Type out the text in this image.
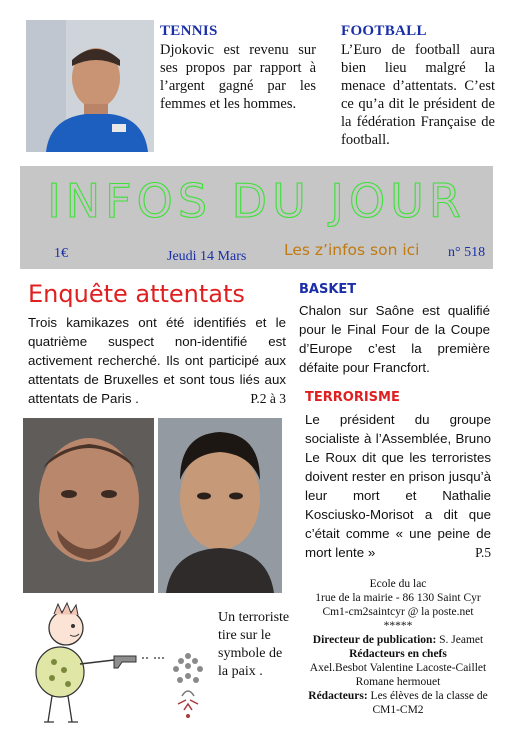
TENNIS
Djokovic est revenu sur ses propos par rapport à l’argent gagné par les femmes et les hommes.
FOOTBALL
L’Euro de football aura bien lieu malgré la menace d’attentats. C’est ce qu’a dit le président de la fédération Française de football.
INFOS DU JOUR
1€	Jeudi 14 Mars Les z’infos son ici n° 518
Enquête attentats
Trois kamikazes ont été identifiés et le quatrième suspect non-identifié est activement recherché. Ils ont participé aux attentats de Bruxelles et sont tous liés aux attentats de Paris .	P.2 à 3
BASKET
Chalon sur Saône est qualifié pour le Final Four de la Coupe d’Europe c’est la première défaite pour Francfort.
TERRORISME
Le président du groupe socialiste à l’Assemblée, Bruno Le Roux dit que les terroristes doivent rester en prison jusqu’à leur mort et Nathalie Kosciusko-Morisot a dit que c’était comme « une peine de mort lente »	P.5
Ecole du lac
1rue de la mairie - 86 130 Saint Cyr
Cm1-cm2saintcyr @ la poste.net
*****
Directeur de publication: S. Jeamet
Rédacteurs en chefs
Axel.Besbot Valentine Lacoste-Caillet Romane hermouet
Rédacteurs: Les élèves de la classe de CM1-CM2
Un terroriste tire sur le symbole de la paix .
